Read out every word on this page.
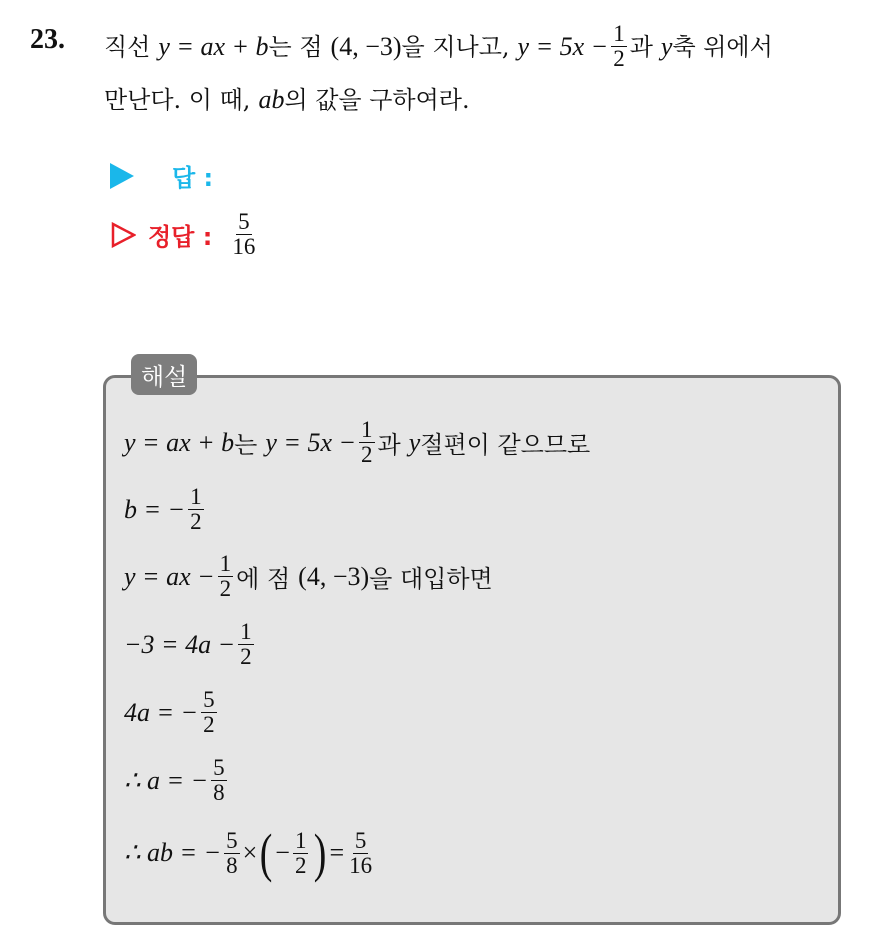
23. 직선 y = ax + b 는 점 (4, −3) 을 지나고, $y = 5x - \frac{1}{2}$ 과 y 축 위에서
만난다. 이 때, ab 의 값을 구하여라.
답 :
정답 : $\frac{5}{16}$
해설
y = ax + b 는 $y = 5x - \frac{1}{2}$ 과 y 절편이 같으므로
b = − $\frac{1}{2}$
y = ax − $\frac{1}{2}$ 에 점 (4, −3) 을 대입하면
$-3 = 4a - \frac{1}{2}$
4a = − $\frac{5}{2}$
∴ a = − $\frac{5}{8}$
∴ ab = − $\frac{5}{8}$ × ( − $\frac{1}{2}$ ) = $\frac{5}{16}$
